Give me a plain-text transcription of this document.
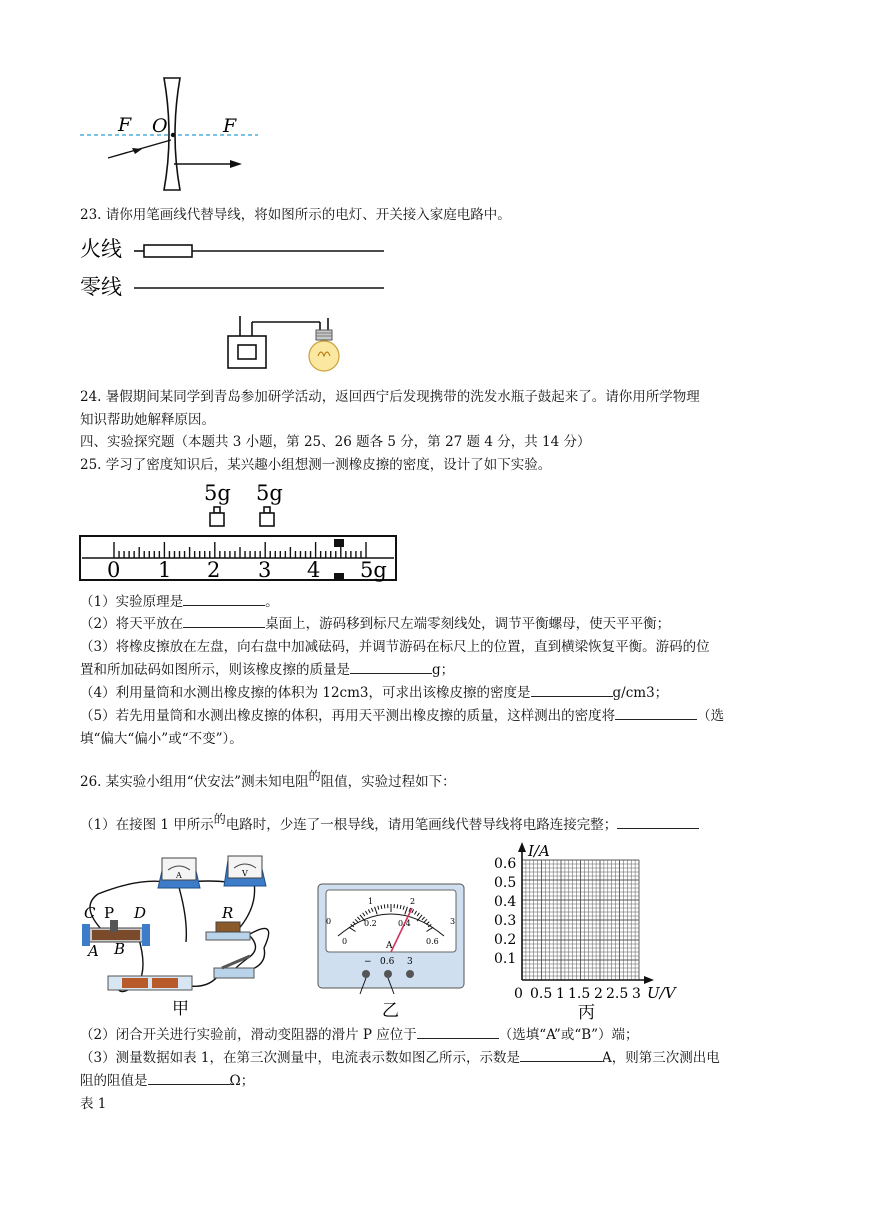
F O	F
23. 请你用笔画线代替导线，将如图所示的电灯、开关接入家庭电路中。
火线
零线
24. 暑假期间某同学到青岛参加研学活动，返回西宁后发现携带的洗发水瓶子鼓起来了。请你用所学物理
知识帮助她解释原因。
四、实验探究题（本题共 3 小题，第 25、26 题各 5 分，第 27 题 4 分，共 14 分）
25. 学习了密度知识后，某兴趣小组想测一测橡皮擦的密度，设计了如下实验。
5g 5g
0 1 2 3 4 5g
（1）实验原理是	。
（2）将天平放在	桌面上，游码移到标尺左端零刻线处，调节平衡螺母，使天平平衡；
（3）将橡皮擦放在左盘，向右盘中加减砝码，并调节游码在标尺上的位置，直到横梁恢复平衡。游码的位
置和所加砝码如图所示，则该橡皮擦的质量是	g；
（4）利用量筒和水测出橡皮擦的体积为 12cm3，可求出该橡皮擦的密度是	g/cm3；
（5）若先用量筒和水测出橡皮擦的体积，再用天平测出橡皮擦的质量，这样测出的密度将	（选
填“偏大“偏小”或“不变”）。
26. 某实验小组用“伏安法”测未知电阻的阻值，实验过程如下：
（1）在接图 1 甲所示的电路时，少连了一根导线，请用笔画线代替导线将电路连接完整；
A	V
R
C P D
A B
甲
0
1	2
3
0
0.2	0.4
0.6
A
− 0.6 3
乙
I/A
U/V
0.6
0.5
0.4
0.3
0.2
0.1
0 0.5 1 1.5 2 2.5 3
丙
（2）闭合开关进行实验前，滑动变阻器的滑片 P 应位于	（选填“A”或“B”）端；
（3）测量数据如表 1，在第三次测量中，电流表示数如图乙所示，示数是	A，则第三次测出电
阻的阻值是	Ω；
表 1
